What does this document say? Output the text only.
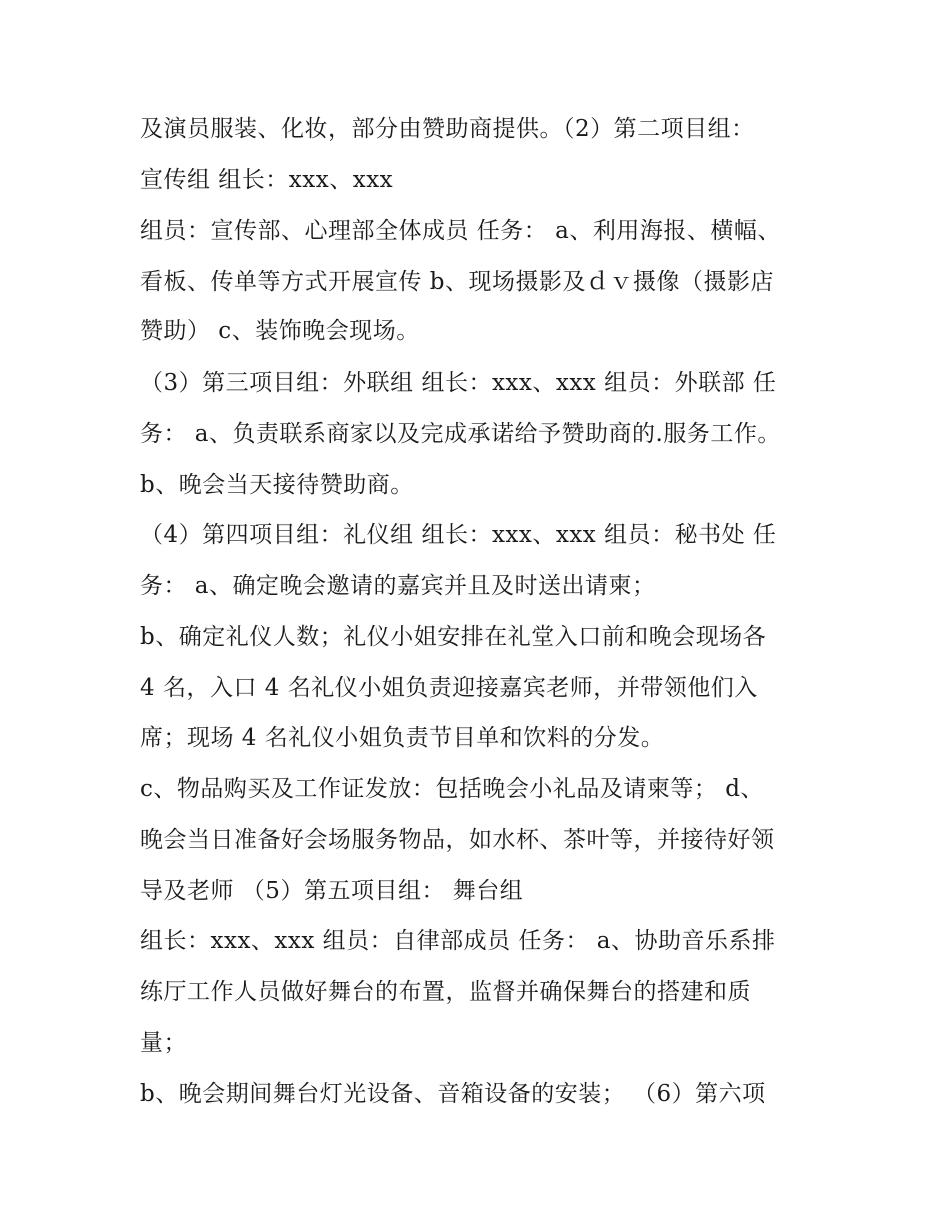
及演员服装、化妆，部分由赞助商提供。（2）第二项目组：
宣传组 组长：xxx、xxx
组员：宣传部、心理部全体成员 任务： a、利用海报、横幅、
看板、传单等方式开展宣传 b、现场摄影及ｄｖ摄像（摄影店
赞助） c、装饰晚会现场。
（3）第三项目组：外联组 组长：xxx、xxx 组员：外联部 任
务： a、负责联系商家以及完成承诺给予赞助商的.服务工作。
b、晚会当天接待赞助商。
（4）第四项目组：礼仪组 组长：xxx、xxx 组员：秘书处 任
务： a、确定晚会邀请的嘉宾并且及时送出请柬；
b、确定礼仪人数；礼仪小姐安排在礼堂入口前和晚会现场各
4 名，入口 4 名礼仪小姐负责迎接嘉宾老师，并带领他们入
席；现场 4 名礼仪小姐负责节目单和饮料的分发。
c、物品购买及工作证发放：包括晚会小礼品及请柬等； d、
晚会当日准备好会场服务物品，如水杯、茶叶等，并接待好领
导及老师 （5）第五项目组： 舞台组
组长：xxx、xxx 组员：自律部成员 任务： a、协助音乐系排
练厅工作人员做好舞台的布置，监督并确保舞台的搭建和质
量；
b、晚会期间舞台灯光设备、音箱设备的安装； （6）第六项
